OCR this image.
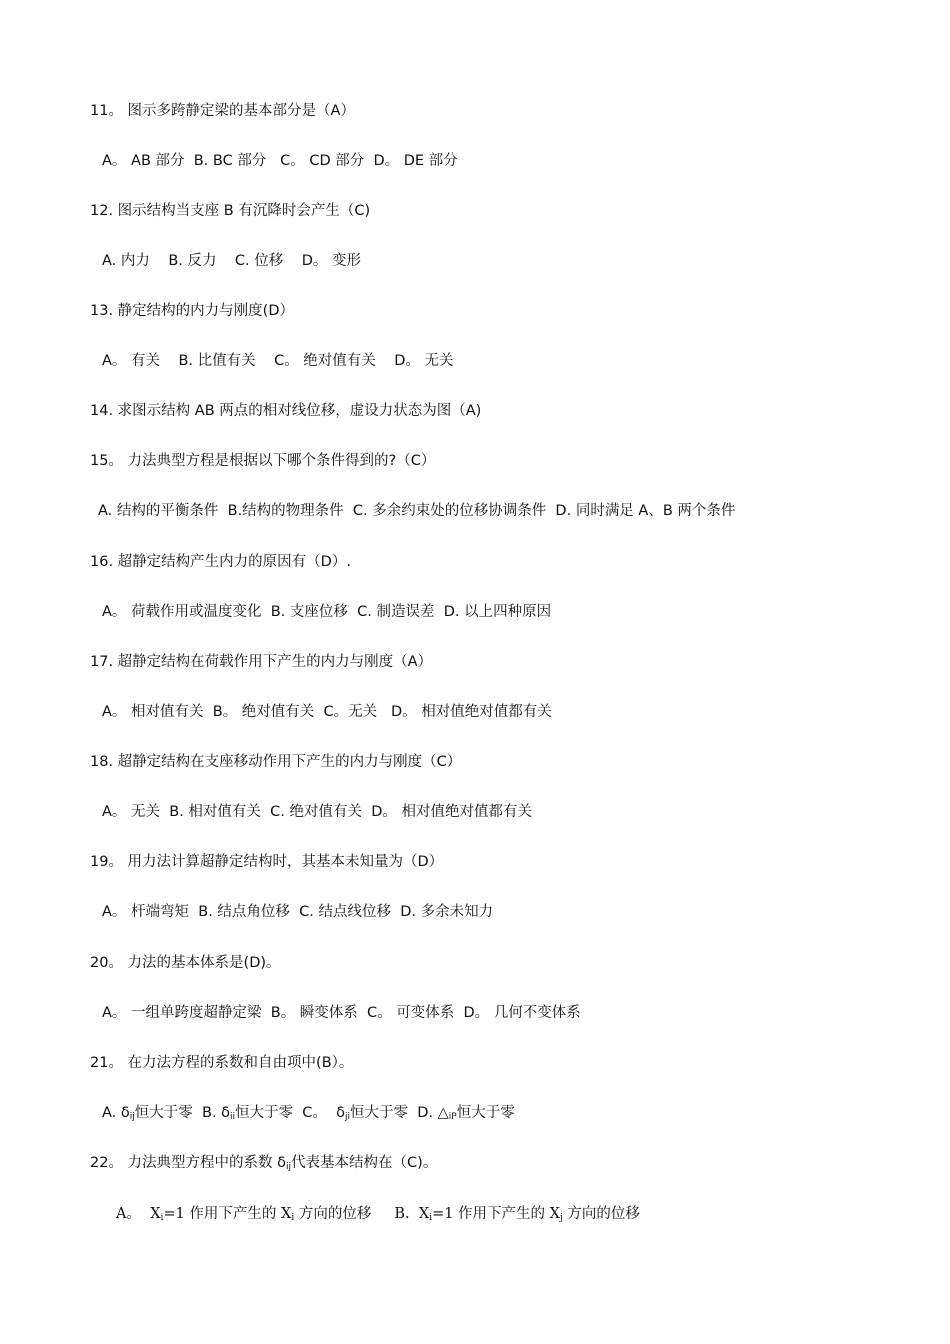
11。 图示多跨静定梁的基本部分是（A）
A。 AB 部分  B. BC 部分   C。 CD 部分  D。 DE 部分
12. 图示结构当支座 B 有沉降时会产生（C)
A. 内力    B. 反力    C. 位移    D。 变形
13. 静定结构的内力与刚度(D）
A。 有关    B. 比值有关    C。 绝对值有关    D。 无关
14. 求图示结构 AB 两点的相对线位移，虚设力状态为图（A)
15。 力法典型方程是根据以下哪个条件得到的?（C）
A. 结构的平衡条件  B.结构的物理条件  C. 多余约束处的位移协调条件  D. 同时满足 A、B 两个条件
16. 超静定结构产生内力的原因有（D）.
A。 荷载作用或温度变化  B. 支座位移  C. 制造误差  D. 以上四种原因
17. 超静定结构在荷载作用下产生的内力与刚度（A）
A。 相对值有关  B。 绝对值有关  C。无关   D。 相对值绝对值都有关
18. 超静定结构在支座移动作用下产生的内力与刚度（C）
A。 无关  B. 相对值有关  C. 绝对值有关  D。 相对值绝对值都有关
19。 用力法计算超静定结构时，其基本未知量为（D）
A。 杆端弯矩  B. 结点角位移  C. 结点线位移  D. 多余未知力
20。 力法的基本体系是(D)。
A。 一组单跨度超静定梁  B。 瞬变体系  C。 可变体系  D。 几何不变体系
21。 在力法方程的系数和自由项中(B）。
A. $\delta_{ij}$恒大于零  B. $\delta_{ii}$恒大于零  C。  $\delta_{ji}$恒大于零  D. $\triangle_{iP}$恒大于零
22。 力法典型方程中的系数 $\delta_{ij}$代表基本结构在（C)。
A。  $X_i=1$ 作用下产生的 $X_i$ 方向的位移     B.  $X_i=1$ 作用下产生的 $X_j$ 方向的位移
